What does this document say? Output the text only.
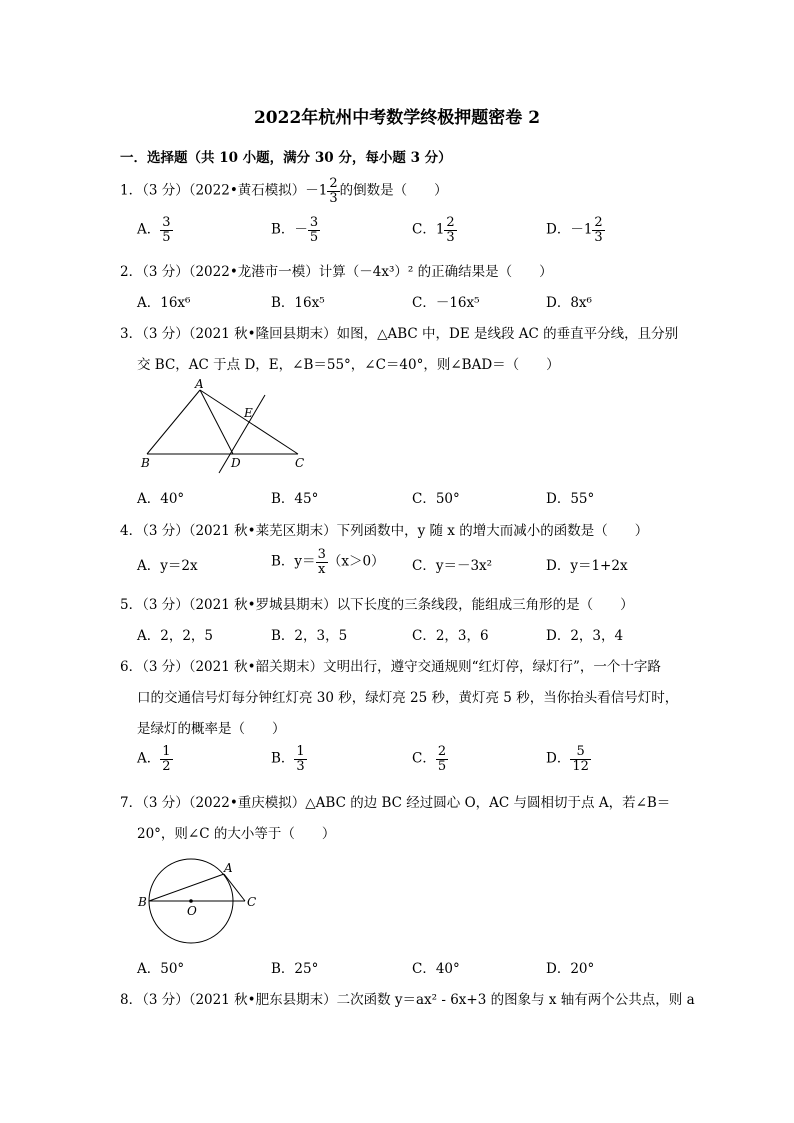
2022年杭州中考数学终极押题密卷 2
一．选择题（共 10 小题，满分 30 分，每小题 3 分）
1．（3 分）（2022•黄石模拟）$-1 \frac{2}{3}$ 的倒数是（　　）
A． $\frac{3}{5}$	B．－ $\frac{3}{5}$	C．$1 \frac{2}{3}$	D．$-1 \frac{2}{3}$
2．（3 分）（2022•龙港市一模）计算（－4x³）² 的正确结果是（　　）
A．16x⁶	B．16x⁵	C．－16x⁵	D．8x⁶
3．（3 分）（2021 秋•隆回县期末）如图，△ABC 中，DE 是线段 AC 的垂直平分线，且分别
交 BC，AC 于点 D，E，∠B＝55°，∠C＝40°，则∠BAD＝（　　）
A
B	C
D
E
A．40°	B．45°	C．50°	D．55°
4．（3 分）（2021 秋•莱芜区期末）下列函数中，y 随 x 的增大而减小的函数是（　　）
A．y＝2x	B．$y= \frac{3}{x} (x>0)$ C．y＝－3x²	D．y＝1+2x
5．（3 分）（2021 秋•罗城县期末）以下长度的三条线段，能组成三角形的是（　　）
A．2，2，5	B．2，3，5	C．2，3，6	D．2，3，4
6．（3 分）（2021 秋•韶关期末）文明出行，遵守交通规则“红灯停，绿灯行”，一个十字路
口的交通信号灯每分钟红灯亮 30 秒，绿灯亮 25 秒，黄灯亮 5 秒，当你抬头看信号灯时，
是绿灯的概率是（　　）
A． $\frac{1}{2}$	B． $\frac{1}{3}$	C． $\frac{2}{5}$	D． $\frac{5}{12}$
7．（3 分）（2022•重庆模拟）△ABC 的边 BC 经过圆心 O，AC 与圆相切于点 A，若∠B＝
20°，则∠C 的大小等于（　　）
B
A
C
O
A．50°	B．25°	C．40°	D．20°
8．（3 分）（2021 秋•肥东县期末）二次函数 y＝ax² - 6x+3 的图象与 x 轴有两个公共点，则 a
